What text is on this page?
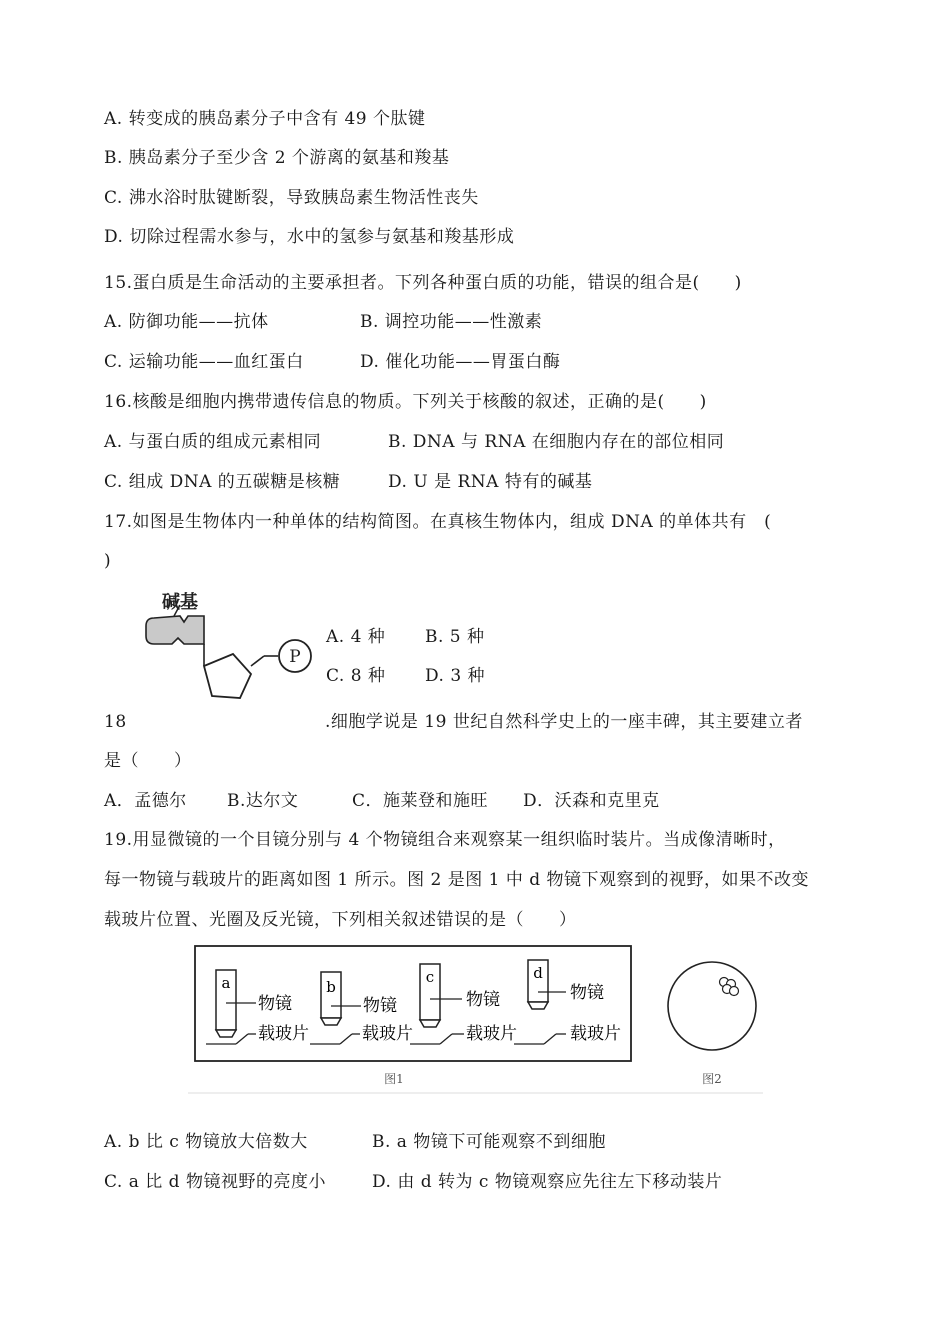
A. 转变成的胰岛素分子中含有 49 个肽键
B. 胰岛素分子至少含 2 个游离的氨基和羧基
C. 沸水浴时肽键断裂，导致胰岛素生物活性丧失
D. 切除过程需水参与，水中的氢参与氨基和羧基形成
15.蛋白质是生命活动的主要承担者。下列各种蛋白质的功能，错误的组合是(　　)
A. 防御功能——抗体	B. 调控功能——性激素
C. 运输功能——血红蛋白	D. 催化功能——胃蛋白酶
16.核酸是细胞内携带遗传信息的物质。下列关于核酸的叙述，正确的是(　　)
A. 与蛋白质的组成元素相同	B. DNA 与 RNA 在细胞内存在的部位相同
C. 组成 DNA 的五碳糖是核糖	D. U 是 RNA 特有的碱基
17.如图是生物体内一种单体的结构简图。在真核生物体内，组成 DNA 的单体共有　(
)
碱基
P
A. 4 种 B. 5 种
C. 8 种 D. 3 种
18	.细胞学说是 19 世纪自然科学史上的一座丰碑，其主要建立者
是（　　）
A．孟德尔 B.达尔文	C．施莱登和施旺 D．沃森和克里克
19.用显微镜的一个目镜分别与 4 个物镜组合来观察某一组织临时装片。当成像清晰时，
每一物镜与载玻片的距离如图 1 所示。图 2 是图 1 中 d 物镜下观察到的视野，如果不改变
载玻片位置、光圈及反光镜，下列相关叙述错误的是（　　）
a
物镜
载玻片
b
物镜
载玻片
c
物镜
载玻片
d
物镜
载玻片
图1	图2
A. b 比 c 物镜放大倍数大	B. a 物镜下可能观察不到细胞
C. a 比 d 物镜视野的亮度小	D. 由 d 转为 c 物镜观察应先往左下移动装片
